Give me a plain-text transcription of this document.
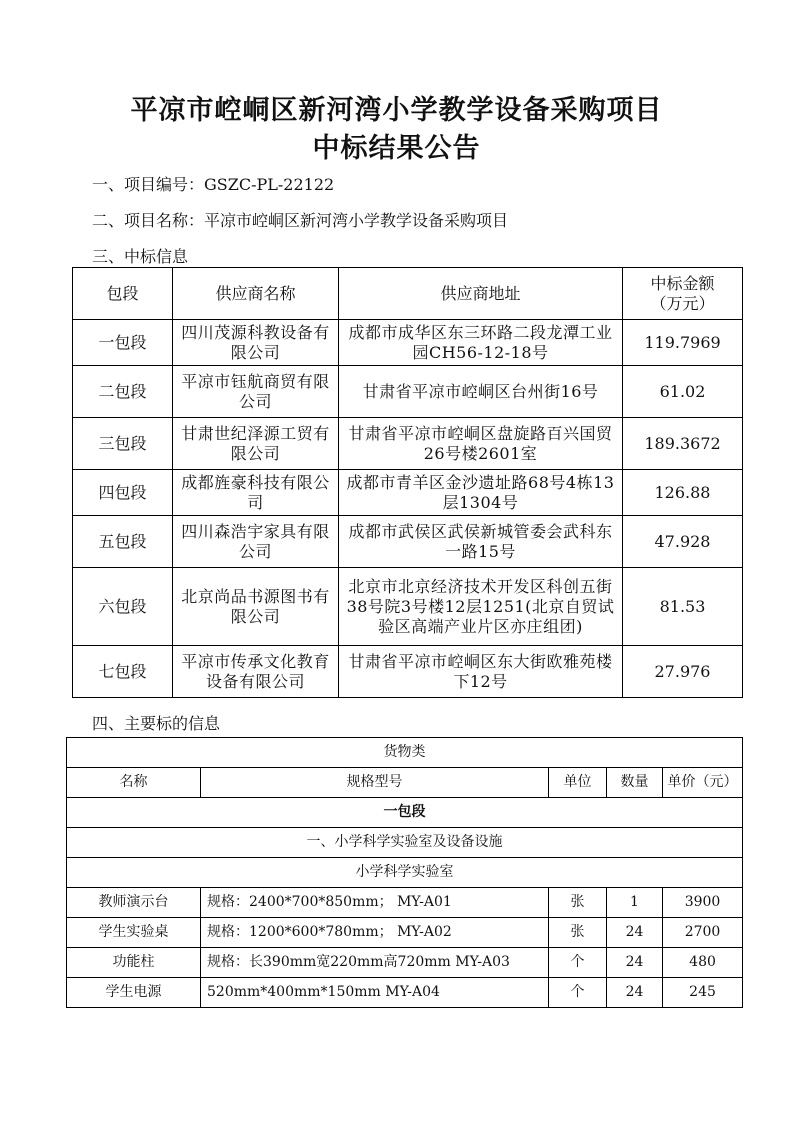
平凉市崆峒区新河湾小学教学设备采购项目
中标结果公告
一、项目编号：GSZC-PL-22122
二、项目名称：平凉市崆峒区新河湾小学教学设备采购项目
三、中标信息
包段	供应商名称	供应商地址	中标金额
（万元）
一包段	四川茂源科教设备有限公司	成都市成华区东三环路二段龙潭工业园CH56-12-18号	119.7969
二包段	平凉市钰航商贸有限公司	甘肃省平凉市崆峒区台州街16号	61.02
三包段	甘肃世纪泽源工贸有限公司	甘肃省平凉市崆峒区盘旋路百兴国贸26号楼2601室	189.3672
四包段	成都旌豪科技有限公司	成都市青羊区金沙遗址路68号4栋13层1304号	126.88
五包段	四川森浩宇家具有限公司	成都市武侯区武侯新城管委会武科东一路15号	47.928
六包段	北京尚品书源图书有限公司	北京市北京经济技术开发区科创五街38号院3号楼12层1251(北京自贸试验区高端产业片区亦庄组团)	81.53
七包段	平凉市传承文化教育设备有限公司	甘肃省平凉市崆峒区东大街欧雅苑楼下12号	27.976
四、主要标的信息
货物类				
名称	规格型号	单位	数量	单价（元）
一包段				
一、小学科学实验室及设备设施				
小学科学实验室				
教师演示台	规格：2400*700*850mm； MY-A01	张	1	3900
学生实验桌	规格：1200*600*780mm； MY-A02	张	24	2700
功能柱	规格：长390mm宽220mm高720mm MY-A03	个	24	480
学生电源	520mm*400mm*150mm MY-A04	个	24	245
